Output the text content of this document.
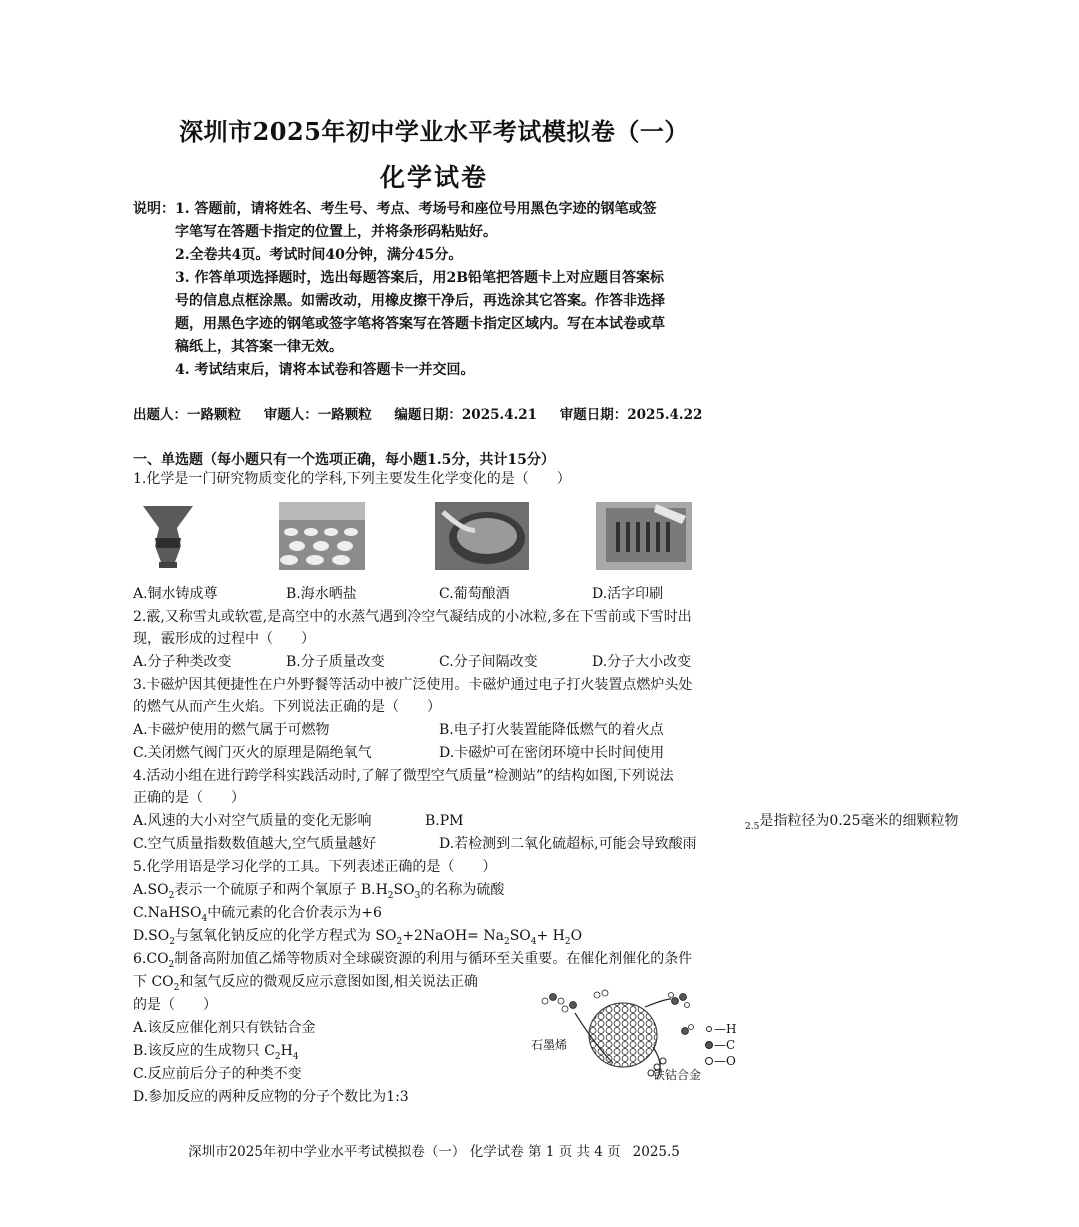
深圳市2025年初中学业水平考试模拟卷（一）
化学试卷
说明：1. 答题前，请将姓名、考生号、考点、考场号和座位号用黑色字迹的钢笔或签
字笔写在答题卡指定的位置上，并将条形码粘贴好。
2.全卷共4页。考试时间40分钟，满分45分。
3. 作答单项选择题时，选出每题答案后，用2B铅笔把答题卡上对应题目答案标
号的信息点框涂黑。如需改动，用橡皮擦干净后，再选涂其它答案。作答非选择
题，用黑色字迹的钢笔或签字笔将答案写在答题卡指定区域内。写在本试卷或草
稿纸上，其答案一律无效。
4. 考试结束后，请将本试卷和答题卡一并交回。
出题人：一路颗粒 审题人：一路颗粒 编题日期：2025.4.21 审题日期：2025.4.22
一、单选题（每小题只有一个选项正确，每小题1.5分，共计15分）
1.化学是一门研究物质变化的学科,下列主要发生化学变化的是（　　）
A.铜水铸成尊	B.海水晒盐	C.葡萄酿酒	D.活字印刷
2.霰,又称雪丸或软雹,是高空中的水蒸气遇到冷空气凝结成的小冰粒,多在下雪前或下雪时出
现，霰形成的过程中（　　）
A.分子种类改变	B.分子质量改变	C.分子间隔改变	D.分子大小改变
3.卡磁炉因其便捷性在户外野餐等活动中被广泛使用。卡磁炉通过电子打火装置点燃炉头处
的燃气从而产生火焰。下列说法正确的是（　　）
A.卡磁炉使用的燃气属于可燃物	B.电子打火装置能降低燃气的着火点
C.关闭燃气阀门灭火的原理是隔绝氧气	D.卡磁炉可在密闭环境中长时间使用
4.活动小组在进行跨学科实践活动时,了解了微型空气质量“检测站”的结构如图,下列说法
正确的是（　　）
A.风速的大小对空气质量的变化无影响	B.PM	$_{2.5}$是指粒径为0.25毫米的细颗粒物
C.空气质量指数数值越大,空气质量越好	D.若检测到二氧化硫超标,可能会导致酸雨
5.化学用语是学习化学的工具。下列表述正确的是（　　）
$A.SO_2$表示一个硫原子和两个氧原子 $B.H_2SO_3$的名称为硫酸
C.NaHSO$_4$中硫元素的化合价表示为+6
$D.SO_2$与氢氧化钠反应的化学方程式为 $SO_2+2NaOH= Na_2SO_4+ H_2O$
$6.CO_2$制备高附加值乙烯等物质对全球碳资源的利用与循环至关重要。在催化剂催化的条件
下 $CO_2$和氢气反应的微观反应示意图如图,相关说法正确
的是（　　）
A.该反应催化剂只有铁钴合金
B.该反应的生成物只 $C_2H_4$
C.反应前后分子的种类不变
D.参加反应的两种反应物的分子个数比为1:3
石墨烯
铁钴合金
—H
—C
—O
深圳市2025年初中学业水平考试模拟卷（一） 化学试卷 第 1 页 共 4 页 2025.5
